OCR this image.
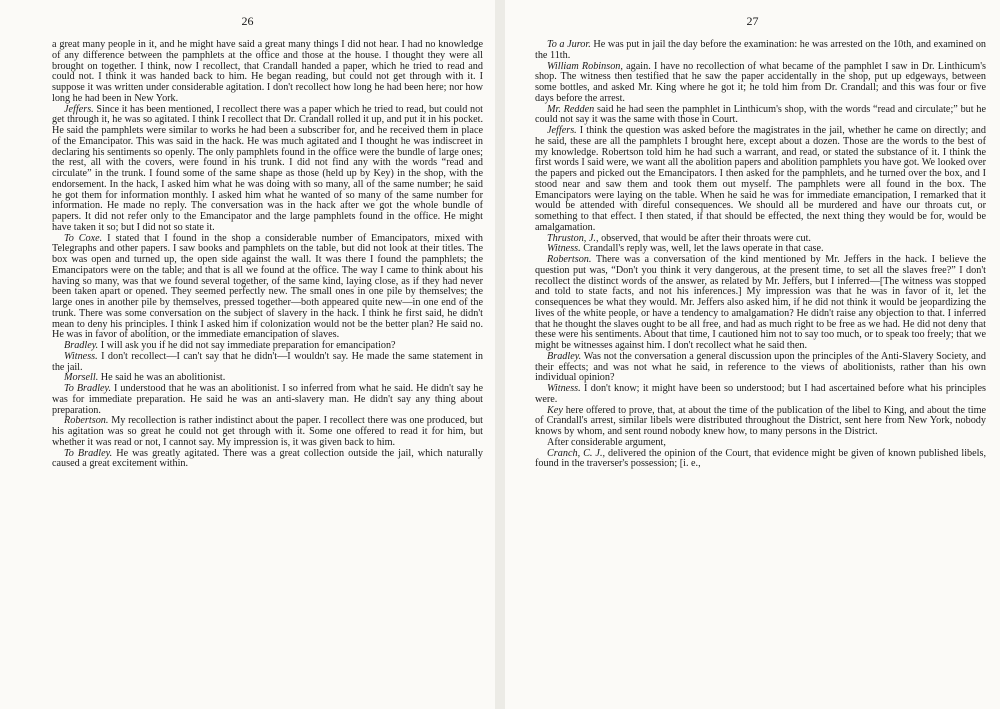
26

a great many people in it, and he might have said a great many things I did not hear. I had no knowledge of any difference between the pamphlets at the office and those at the house. I thought they were all brought on together. I think, now I recollect, that Crandall handed a paper, which he tried to read and could not. I think it was handed back to him. He began reading, but could not get through with it. I suppose it was written under considerable agitation. I don't recollect how long he had been here; nor how long he had been in New York.

Jeffers. Since it has been mentioned, I recollect there was a paper which he tried to read, but could not get through it, he was so agitated. I think I recollect that Dr. Crandall rolled it up, and put it in his pocket. He said the pamphlets were similar to works he had been a subscriber for, and he received them in place of the Emancipator. This was said in the hack. He was much agitated and I thought he was indiscreet in declaring his sentiments so openly. The only pamphlets found in the office were the bundle of large ones; the rest, all with the covers, were found in his trunk. I did not find any with the words “read and circulate” in the trunk. I found some of the same shape as those (held up by Key) in the shop, with the endorsement. In the hack, I asked him what he was doing with so many, all of the same number; he said he got them for information monthly. I asked him what he wanted of so many of the same number for information. He made no reply. The conversation was in the hack after we got the whole bundle of papers. It did not refer only to the Emancipator and the large pamphlets found in the office. He might have taken it so; but I did not so state it.

To Coxe. I stated that I found in the shop a considerable number of Emancipators, mixed with Telegraphs and other papers. I saw books and pamphlets on the table, but did not look at their titles. The box was open and turned up, the open side against the wall. It was there I found the pamphlets; the Emancipators were on the table; and that is all we found at the office. The way I came to think about his having so many, was that we found several together, of the same kind, laying close, as if they had never been taken apart or opened. They seemed perfectly new. The small ones in one pile by themselves; the large ones in another pile by themselves, pressed together—both appeared quite new—in one end of the trunk. There was some conversation on the subject of slavery in the hack. I think he first said, he didn't mean to deny his principles. I think I asked him if colonization would not be the better plan? He said no. He was in favor of abolition, or the immediate emancipation of slaves.

Bradley. I will ask you if he did not say immediate preparation for emancipation?

Witness. I don't recollect—I can't say that he didn't—I wouldn't say. He made the same statement in the jail.

Morsell. He said he was an abolitionist.

To Bradley. I understood that he was an abolitionist. I so inferred from what he said. He didn't say he was for immediate preparation. He said he was an anti-slavery man. He didn't say any thing about preparation.

Robertson. My recollection is rather indistinct about the paper. I recollect there was one produced, but his agitation was so great he could not get through with it. Some one offered to read it for him, but whether it was read or not, I cannot say. My impression is, it was given back to him.

To Bradley. He was greatly agitated. There was a great collection outside the jail, which naturally caused a great excitement within.

27

To a Juror. He was put in jail the day before the examination: he was arrested on the 10th, and examined on the 11th.

William Robinson, again. I have no recollection of what became of the pamphlet I saw in Dr. Linthicum's shop. The witness then testified that he saw the paper accidentally in the shop, put up edgeways, between some bottles, and asked Mr. King where he got it; he told him from Dr. Crandall; and this was four or five days before the arrest.

Mr. Redden said he had seen the pamphlet in Linthicum's shop, with the words “read and circulate;” but he could not say it was the same with those in Court.

Jeffers. I think the question was asked before the magistrates in the jail, whether he came on directly; and he said, these are all the pamphlets I brought here, except about a dozen. Those are the words to the best of my knowledge. Robertson told him he had such a warrant, and read, or stated the substance of it. I think the first words I said were, we want all the abolition papers and abolition pamphlets you have got. We looked over the papers and picked out the Emancipators. I then asked for the pamphlets, and he turned over the box, and I stood near and saw them and took them out myself. The pamphlets were all found in the box. The Emancipators were laying on the table. When he said he was for immediate emancipation, I remarked that it would be attended with direful consequences. We should all be murdered and have our throats cut, or something to that effect. I then stated, if that should be effected, the next thing they would be for, would be amalgamation.

Thruston, J., observed, that would be after their throats were cut.

Witness. Crandall's reply was, well, let the laws operate in that case.

Robertson. There was a conversation of the kind mentioned by Mr. Jeffers in the hack. I believe the question put was, “Don't you think it very dangerous, at the present time, to set all the slaves free?” I don't recollect the distinct words of the answer, as related by Mr. Jeffers, but I inferred—[The witness was stopped and told to state facts, and not his inferences.] My impression was that he was in favor of it, let the consequences be what they would. Mr. Jeffers also asked him, if he did not think it would be jeopardizing the lives of the white people, or have a tendency to amalgamation? He didn't raise any objection to that. I inferred that he thought the slaves ought to be all free, and had as much right to be free as we had. He did not deny that these were his sentiments. About that time, I cautioned him not to say too much, or to speak too freely; that we might be witnesses against him. I don't recollect what he said then.

Bradley. Was not the conversation a general discussion upon the principles of the Anti-Slavery Society, and their effects; and was not what he said, in reference to the views of abolitionists, rather than his own individual opinion?

Witness. I don't know; it might have been so understood; but I had ascertained before what his principles were.

Key here offered to prove, that, at about the time of the publication of the libel to King, and about the time of Crandall's arrest, similar libels were distributed throughout the District, sent here from New York, nobody knows by whom, and sent round nobody knew how, to many persons in the District.

After considerable argument,

Cranch, C. J., delivered the opinion of the Court, that evidence might be given of known published libels, found in the traverser's possession; [i. e.,
